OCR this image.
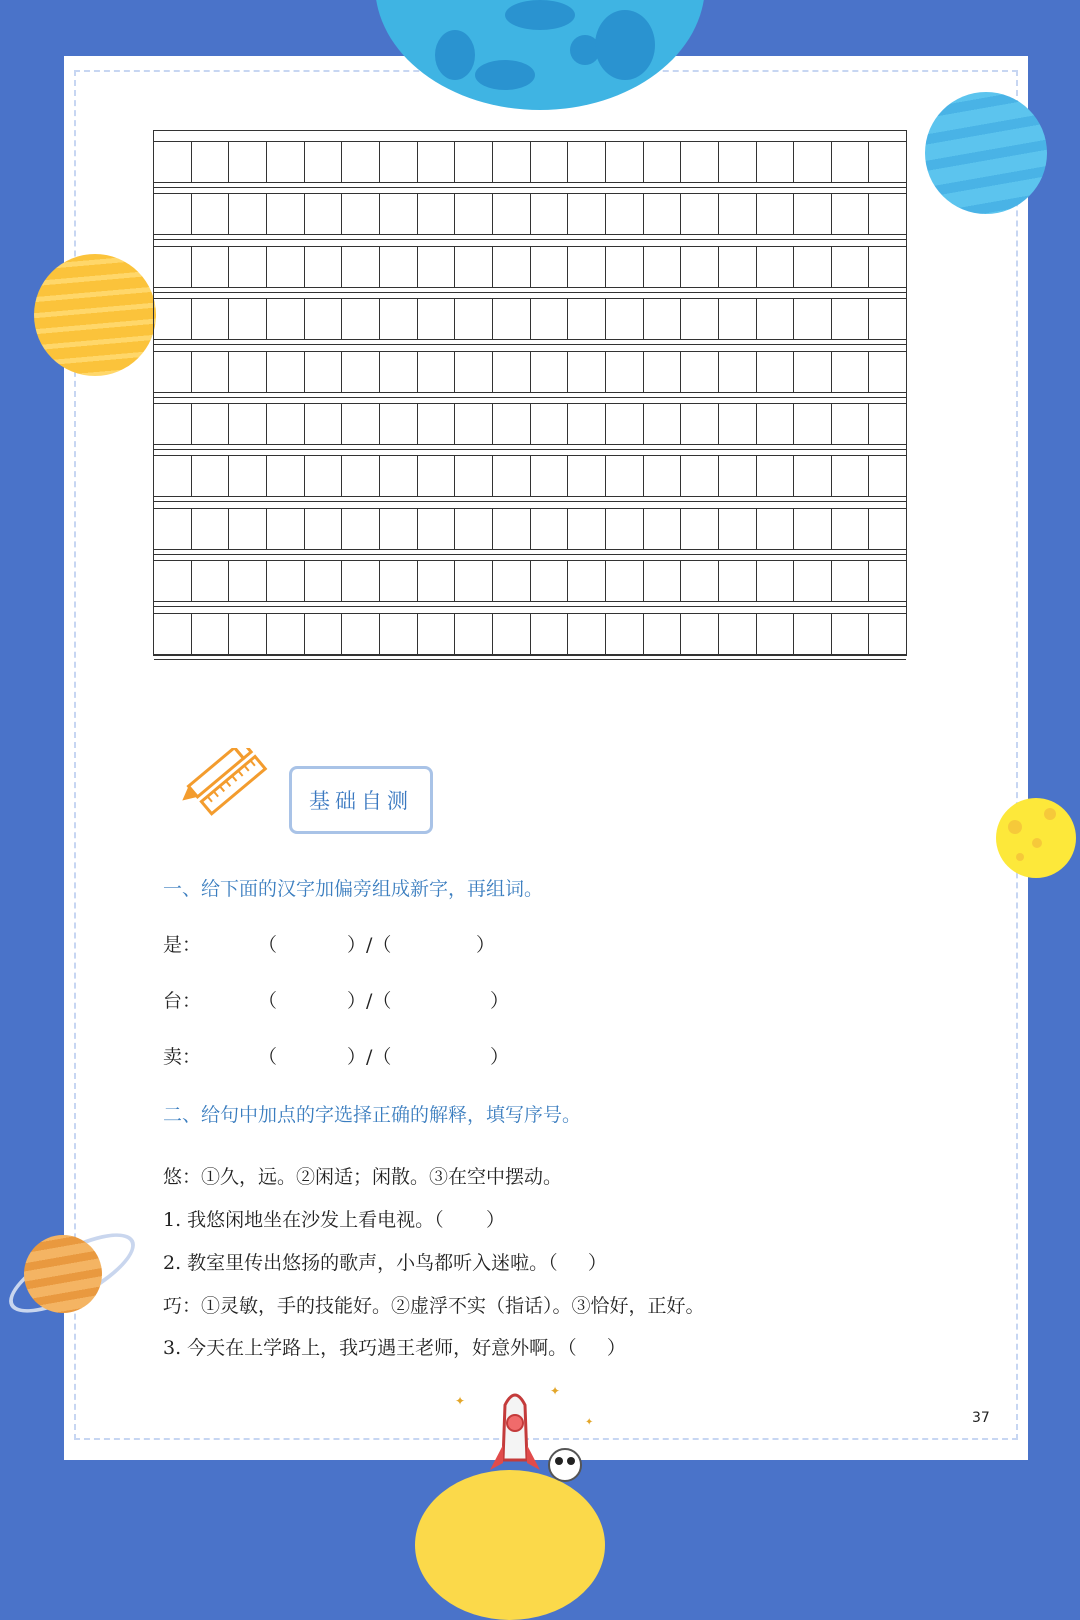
✦
✦
✦
基础自测
一、给下面的汉字加偏旁组成新字，再组词。
是：	（	）/（	）
台：	（	）/（	）
卖：	（	）/（	）
二、给句中加点的字选择正确的解释，填写序号。
悠：①久，远。②闲适；闲散。③在空中摆动。
1. 我悠闲地坐在沙发上看电视。（       ）
2. 教室里传出悠扬的歌声，小鸟都听入迷啦。（     ）
巧：①灵敏，手的技能好。②虚浮不实（指话）。③恰好，正好。
3. 今天在上学路上，我巧遇王老师，好意外啊。（     ）
37
